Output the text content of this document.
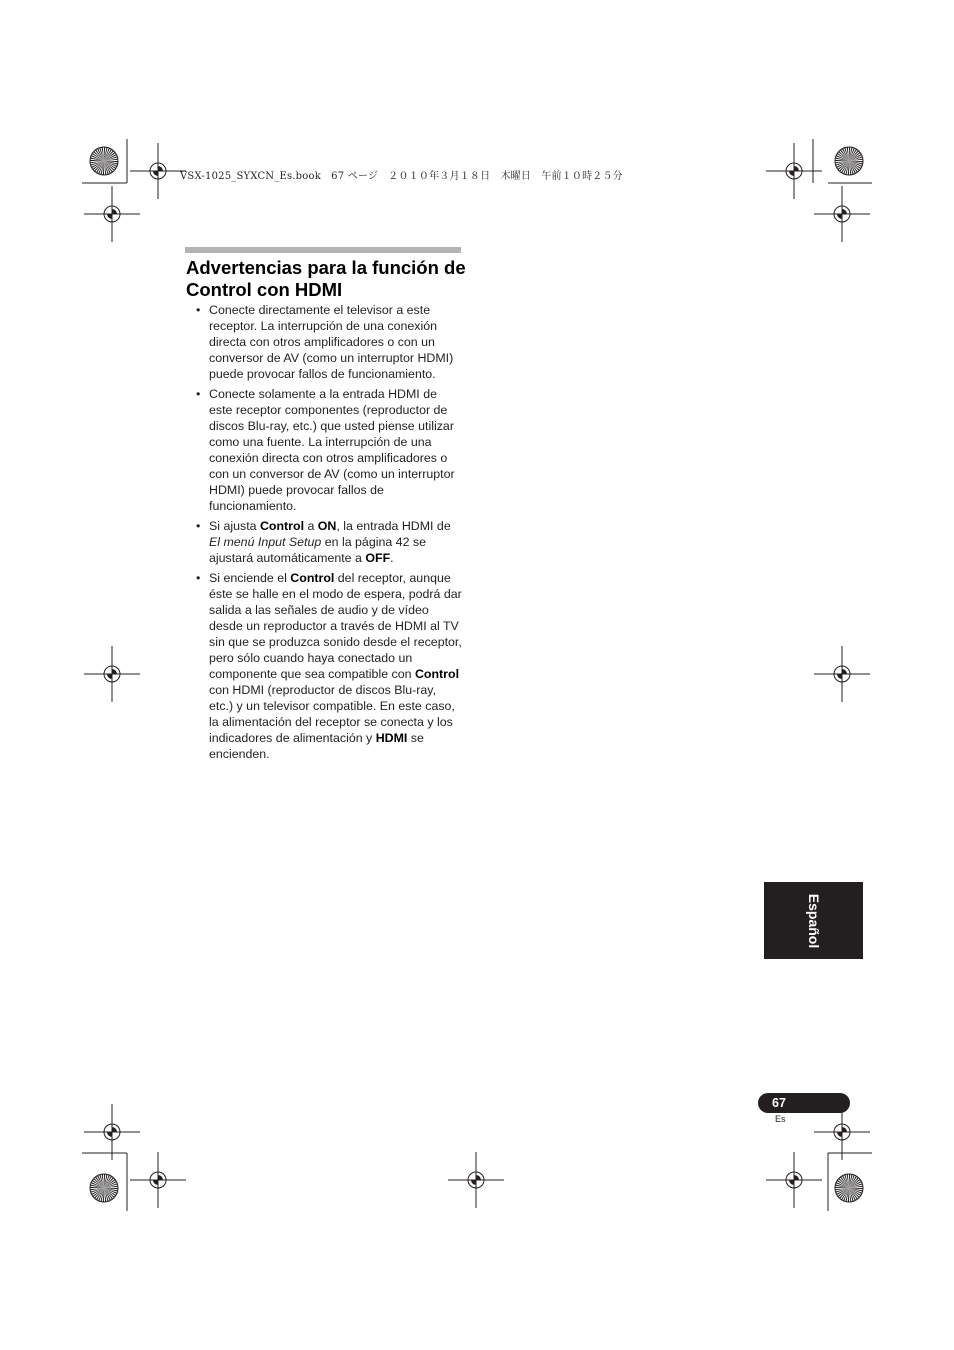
VSX-1025_SYXCN_Es.book　67 ページ　２０１０年３月１８日　木曜日　午前１０時２５分
Advertencias para la función de Control con HDMI
• Conecte directamente el televisor a este receptor. La interrupción de una conexión directa con otros amplificadores o con un conversor de AV (como un interruptor HDMI) puede provocar fallos de funcionamiento.
• Conecte solamente a la entrada HDMI de este receptor componentes (reproductor de discos Blu-ray, etc.) que usted piense utilizar como una fuente. La interrupción de una conexión directa con otros amplificadores o con un conversor de AV (como un interruptor HDMI) puede provocar fallos de funcionamiento.
• Si ajusta Control a ON, la entrada HDMI de El menú Input Setup en la página 42 se ajustará automáticamente a OFF.
• Si enciende el Control del receptor, aunque éste se halle en el modo de espera, podrá dar salida a las señales de audio y de vídeo desde un reproductor a través de HDMI al TV sin que se produzca sonido desde el receptor, pero sólo cuando haya conectado un componente que sea compatible con Control con HDMI (reproductor de discos Blu-ray, etc.) y un televisor compatible. En este caso, la alimentación del receptor se conecta y los indicadores de alimentación y HDMI se encienden.
Español
67
Es
